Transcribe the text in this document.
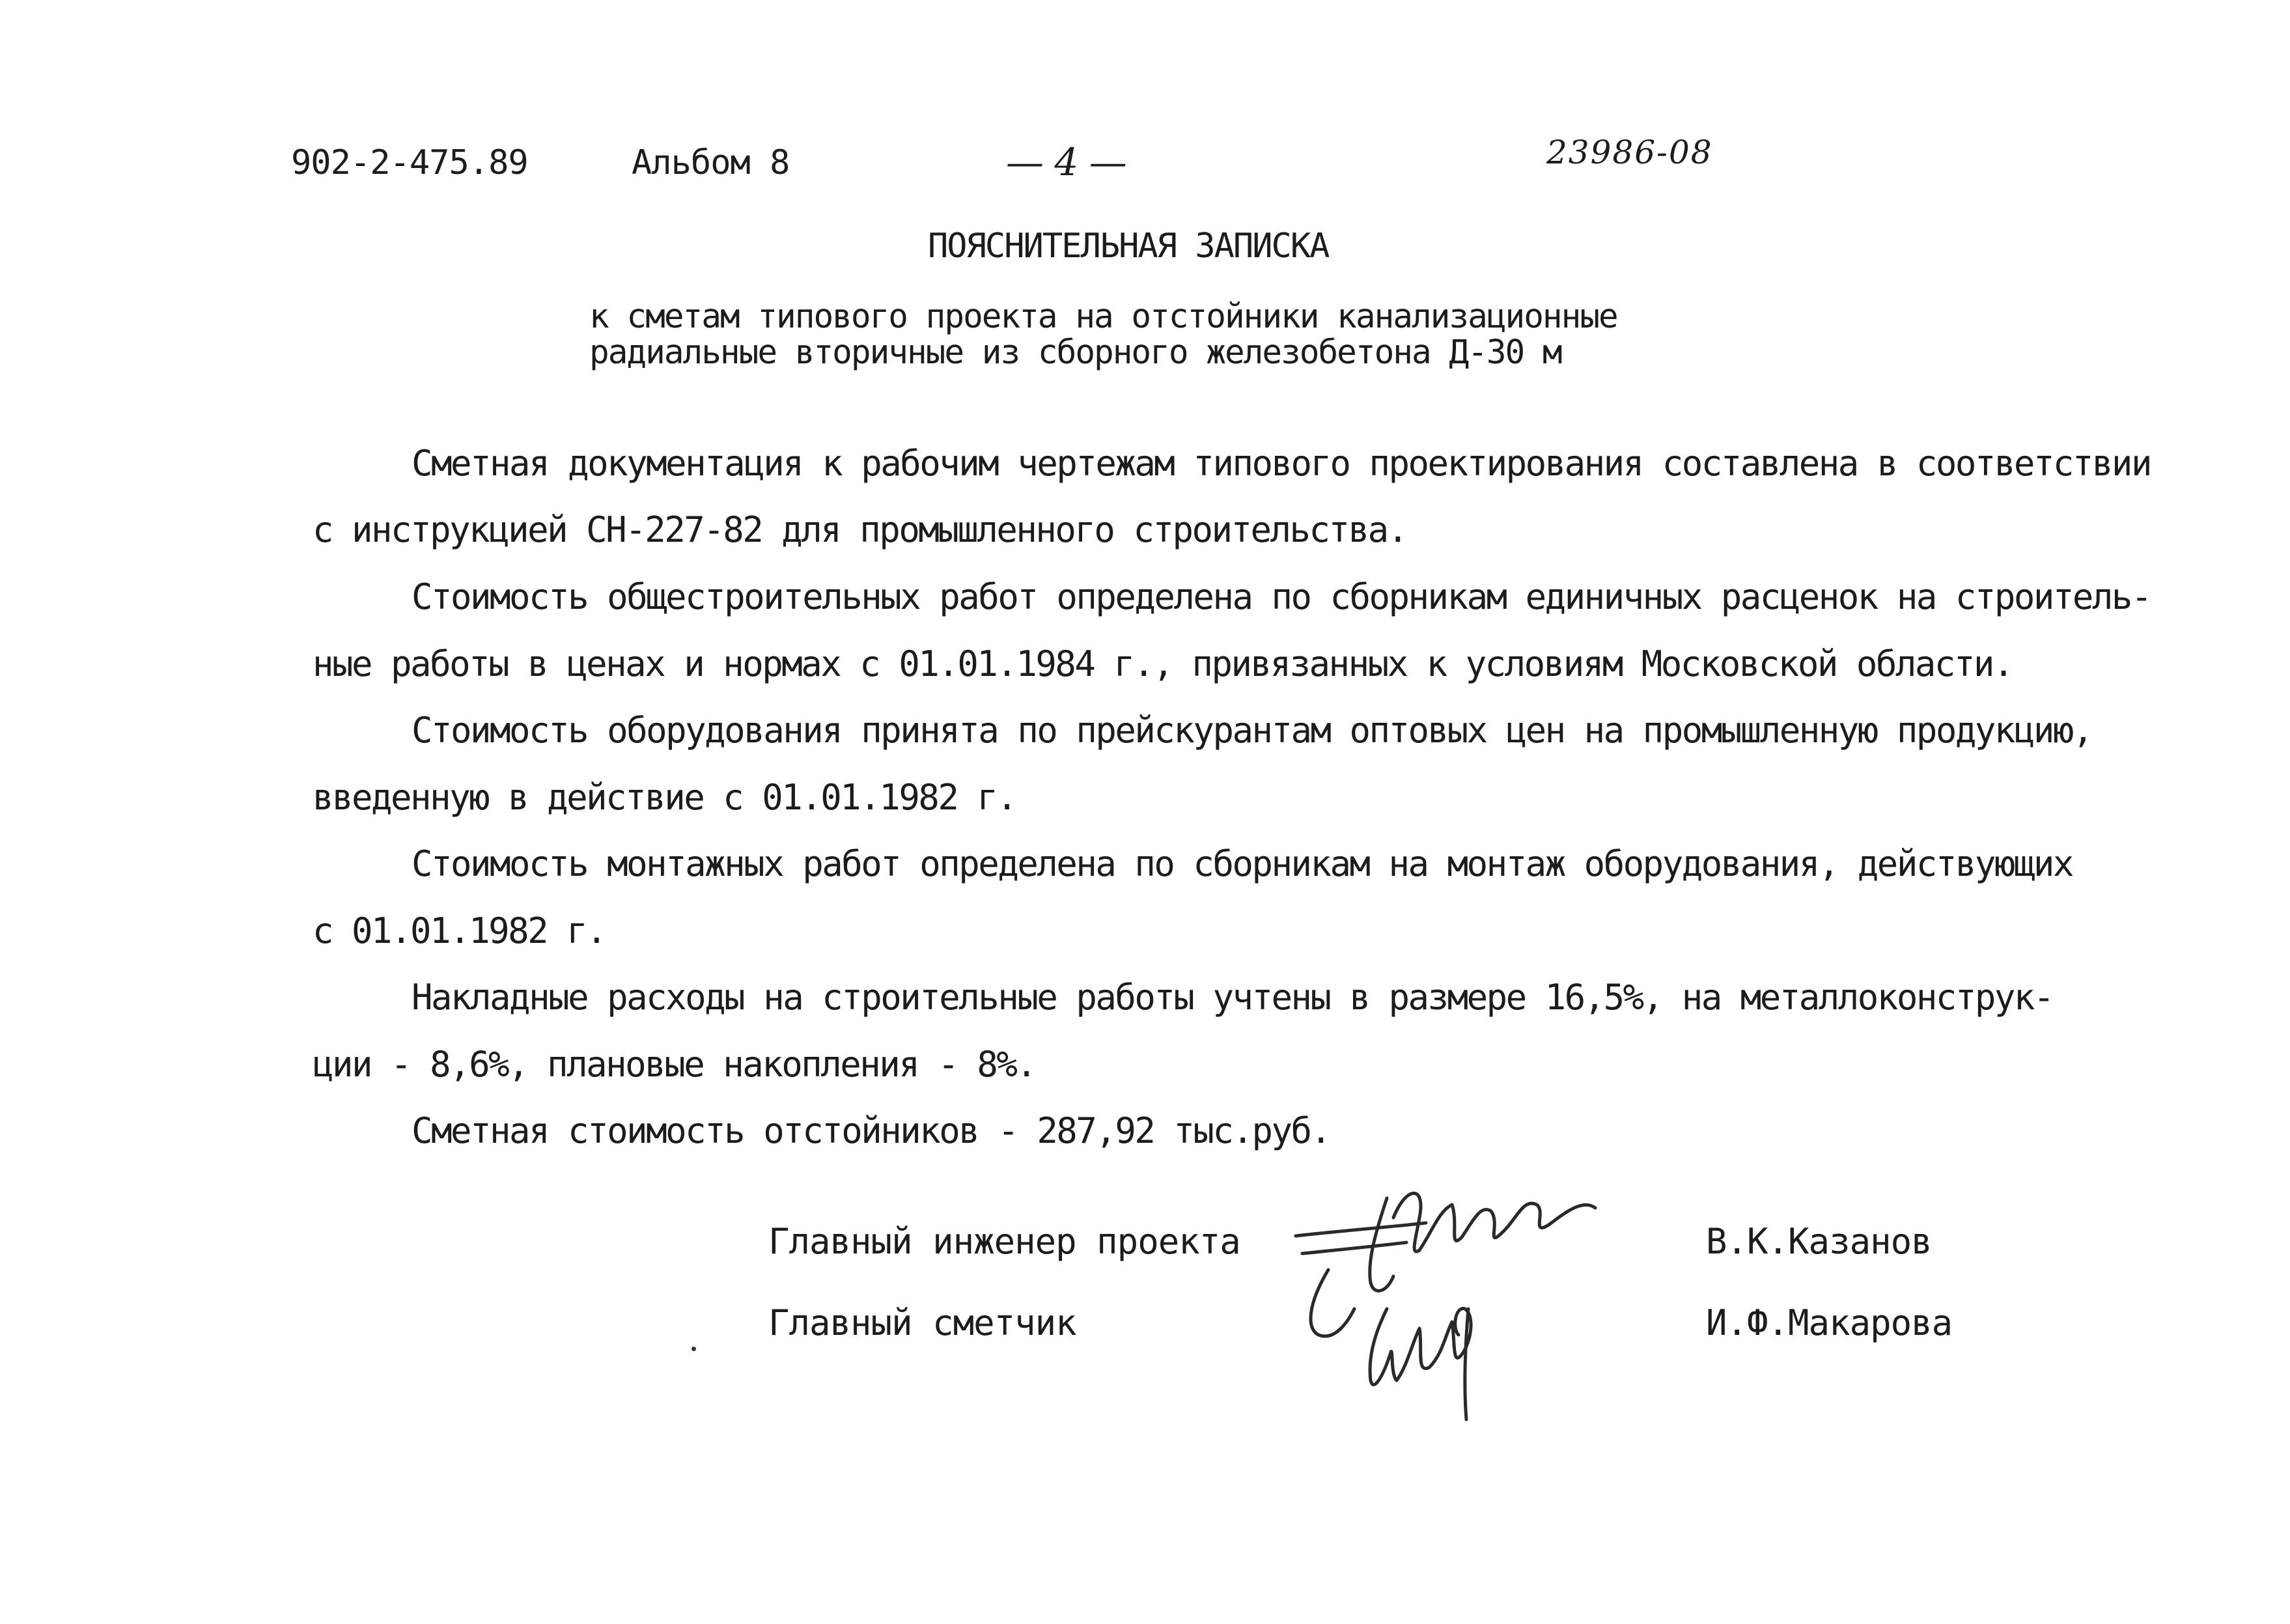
902-2-475.89	Альбом 8	— 4 —	23986-08
ПОЯСНИТЕЛЬНАЯ ЗАПИСКА
к сметам типового проекта на отстойники канализационные
радиальные вторичные из сборного железобетона Д-30 м
Сметная документация к рабочим чертежам типового проектирования составлена в соответствии
с инструкцией СН-227-82 для промышленного строительства.
Стоимость общестроительных работ определена по сборникам единичных расценок на строитель-
ные работы в ценах и нормах с 01.01.1984 г., привязанных к условиям Московской области.
Стоимость оборудования принята по прейскурантам оптовых цен на промышленную продукцию,
введенную в действие с 01.01.1982 г.
Стоимость монтажных работ определена по сборникам на монтаж оборудования, действующих
с 01.01.1982 г.
Накладные расходы на строительные работы учтены в размере 16,5%, на металлоконструк-
ции - 8,6%, плановые накопления - 8%.
Сметная стоимость отстойников - 287,92 тыс.руб.
Главный инженер проекта	В.К.Казанов
Главный сметчик	И.Ф.Макарова
